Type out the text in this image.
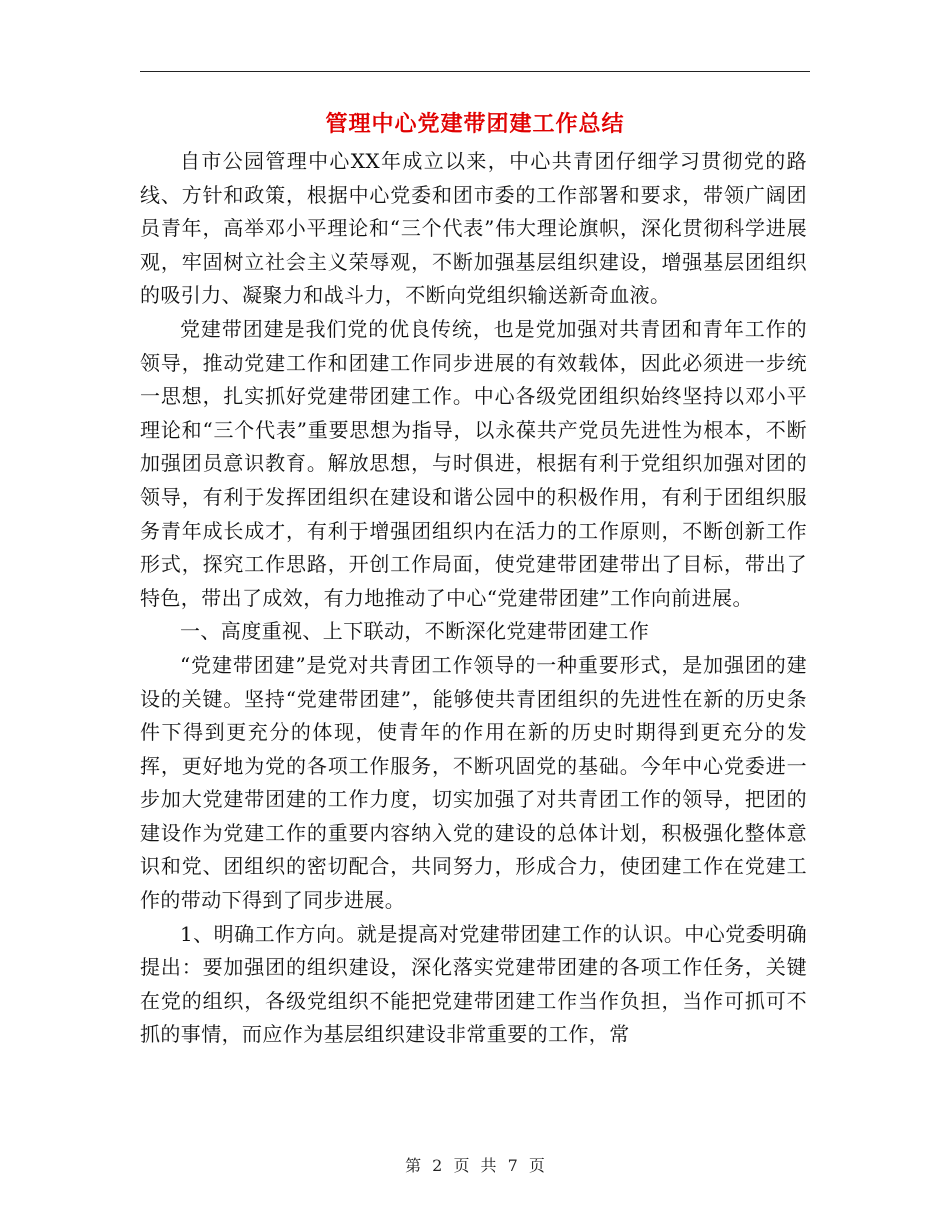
管理中心党建带团建工作总结

自市公园管理中心XX年成立以来，中心共青团仔细学习贯彻党的路线、方针和政策，根据中心党委和团市委的工作部署和要求，带领广阔团员青年，高举邓小平理论和“三个代表”伟大理论旗帜，深化贯彻科学进展观，牢固树立社会主义荣辱观，不断加强基层组织建设，增强基层团组织的吸引力、凝聚力和战斗力，不断向党组织输送新奇血液。

党建带团建是我们党的优良传统，也是党加强对共青团和青年工作的领导，推动党建工作和团建工作同步进展的有效载体，因此必须进一步统一思想，扎实抓好党建带团建工作。中心各级党团组织始终坚持以邓小平理论和“三个代表”重要思想为指导，以永葆共产党员先进性为根本，不断加强团员意识教育。解放思想，与时俱进，根据有利于党组织加强对团的领导，有利于发挥团组织在建设和谐公园中的积极作用，有利于团组织服务青年成长成才，有利于增强团组织内在活力的工作原则，不断创新工作形式，探究工作思路，开创工作局面，使党建带团建带出了目标，带出了特色，带出了成效，有力地推动了中心“党建带团建”工作向前进展。

一、高度重视、上下联动，不断深化党建带团建工作

“党建带团建”是党对共青团工作领导的一种重要形式，是加强团的建设的关键。坚持“党建带团建”，能够使共青团组织的先进性在新的历史条件下得到更充分的体现，使青年的作用在新的历史时期得到更充分的发挥，更好地为党的各项工作服务，不断巩固党的基础。今年中心党委进一步加大党建带团建的工作力度，切实加强了对共青团工作的领导，把团的建设作为党建工作的重要内容纳入党的建设的总体计划，积极强化整体意识和党、团组织的密切配合，共同努力，形成合力，使团建工作在党建工作的带动下得到了同步进展。

1、明确工作方向。就是提高对党建带团建工作的认识。中心党委明确提出：要加强团的组织建设，深化落实党建带团建的各项工作任务，关键在党的组织，各级党组织不能把党建带团建工作当作负担，当作可抓可不抓的事情，而应作为基层组织建设非常重要的工作，常

第 2 页 共 7 页
